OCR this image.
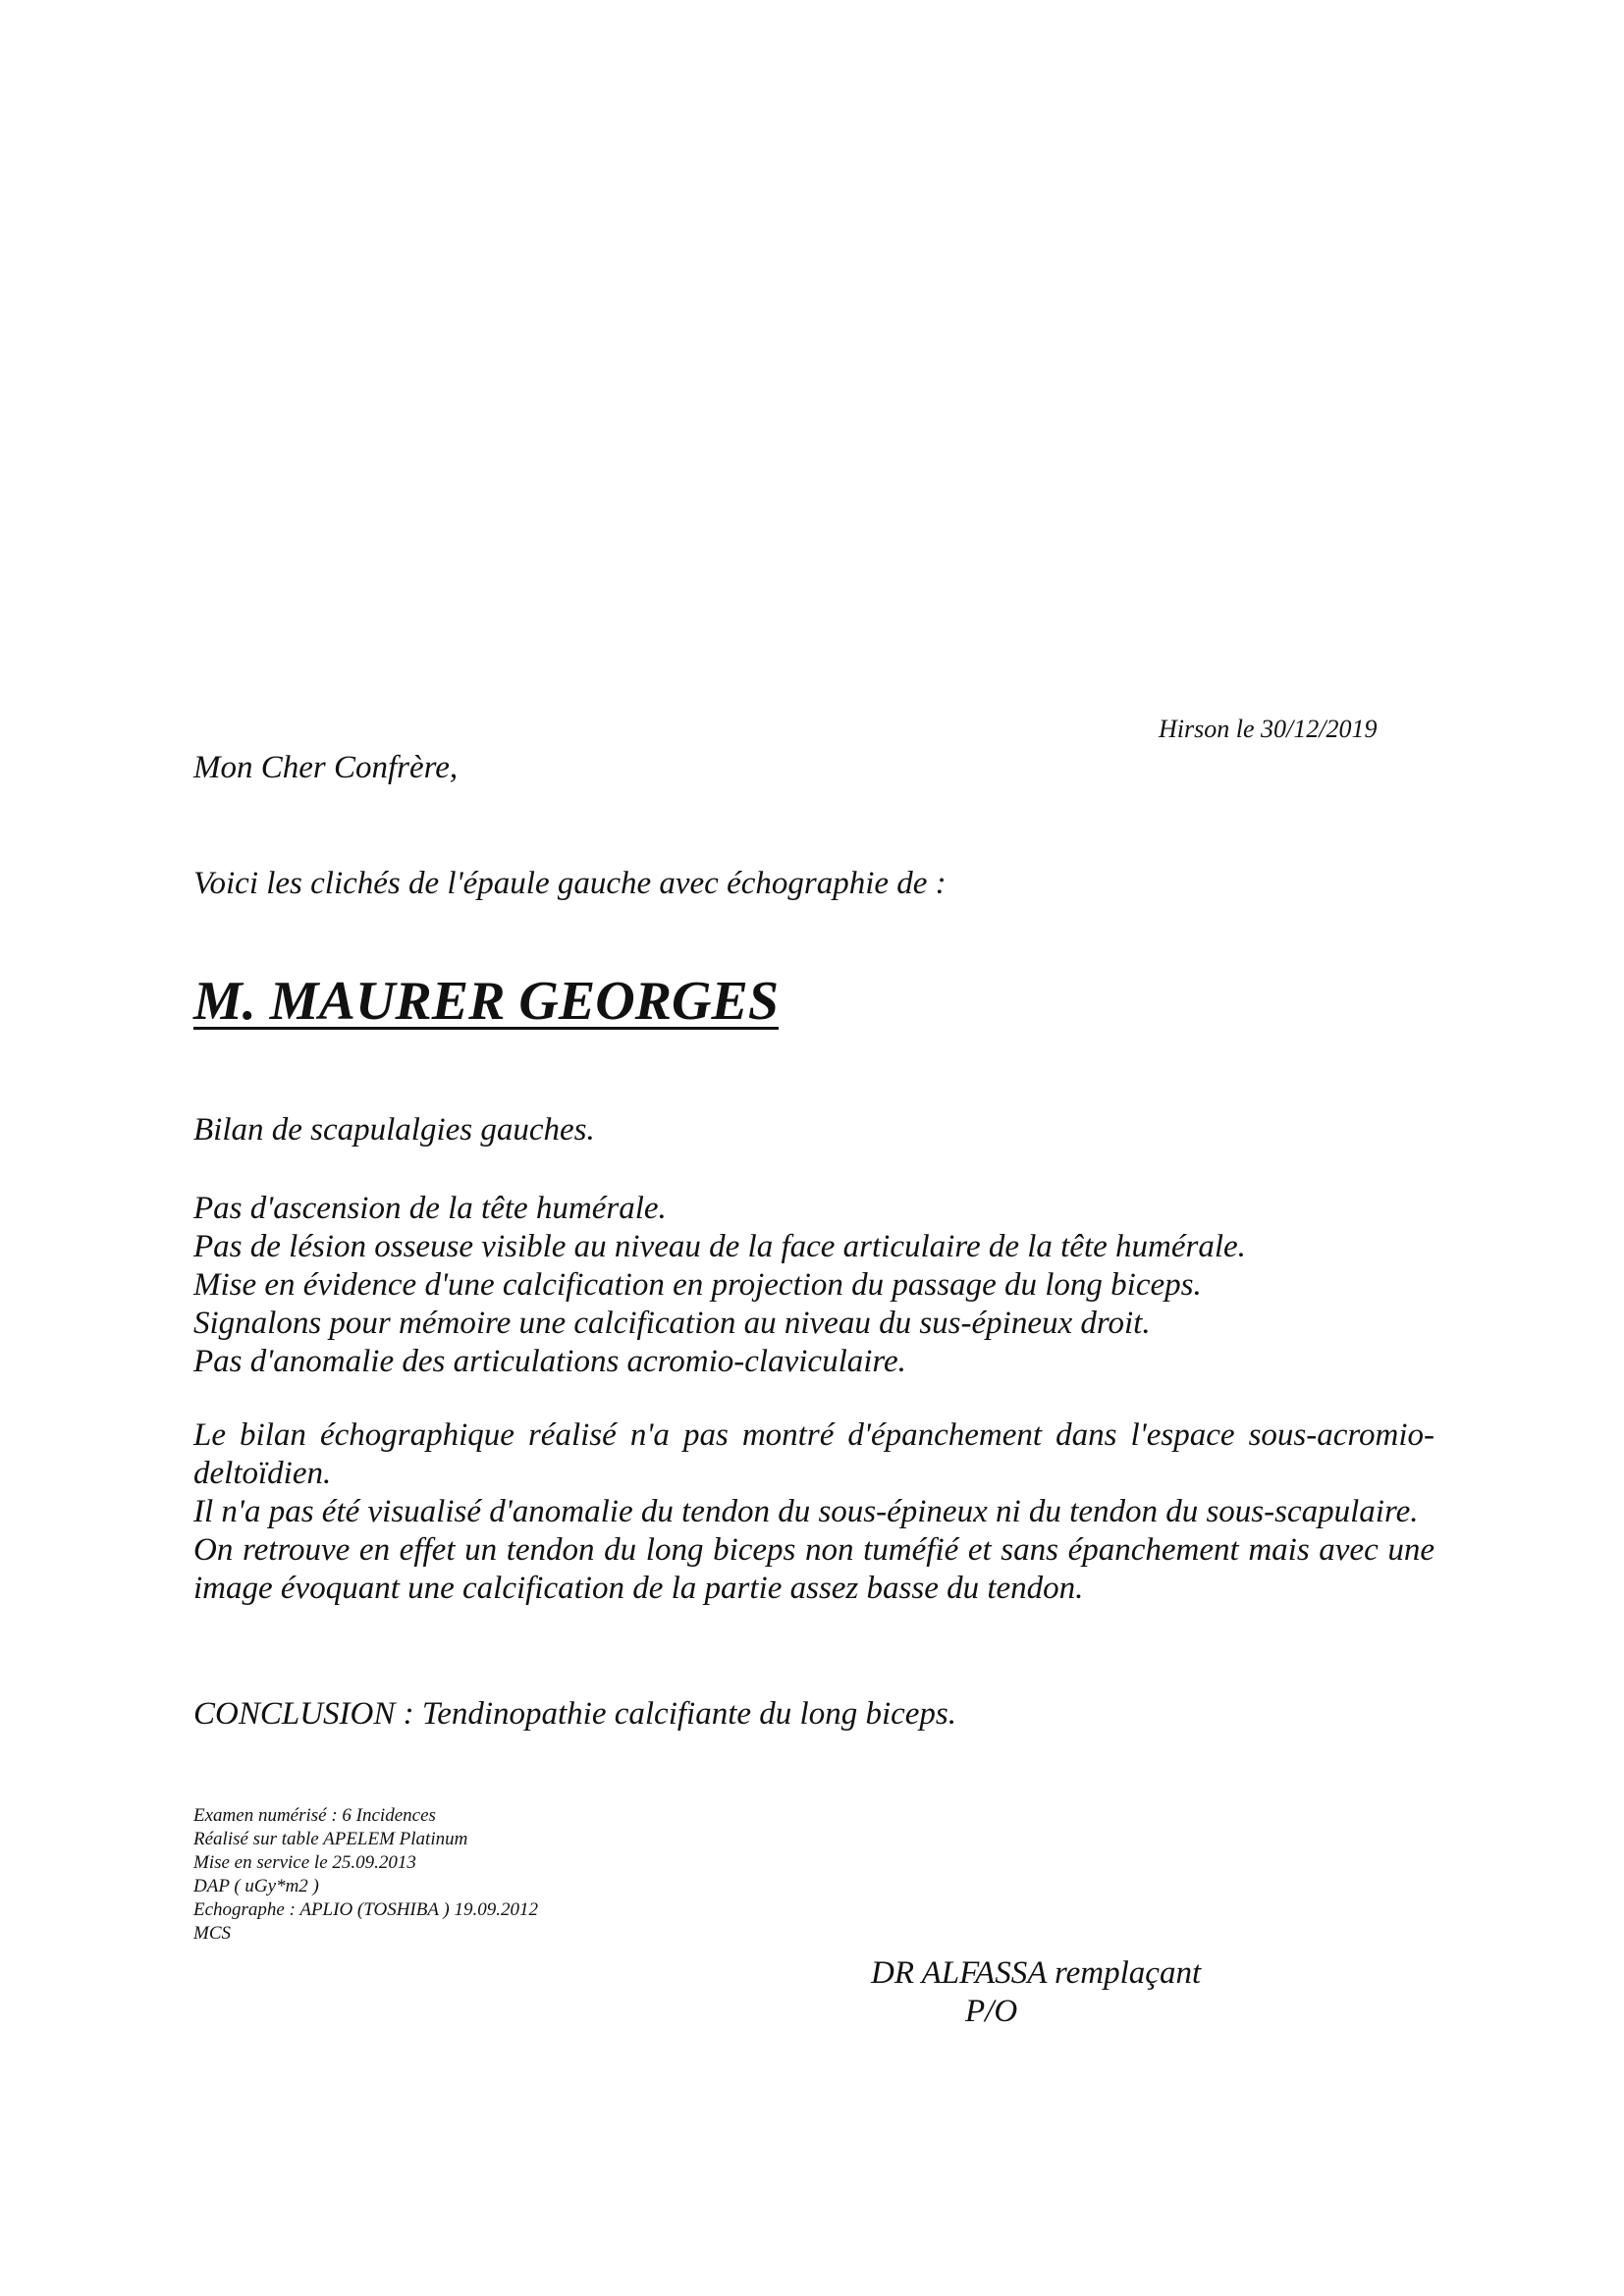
Hirson le 30/12/2019
Mon Cher Confrère,
Voici les clichés de l'épaule gauche avec échographie de :
M. MAURER GEORGES
Bilan de scapulalgies gauches.
Pas d'ascension de la tête humérale.
Pas de lésion osseuse visible au niveau de la face articulaire de la tête humérale.
Mise en évidence d'une calcification en projection du passage du long biceps.
Signalons pour mémoire une calcification au niveau du sus-épineux droit.
Pas d'anomalie des articulations acromio-claviculaire.

Le bilan échographique réalisé n'a pas montré d'épanchement dans l'espace sous-acromio-deltoïdien.

Il n'a pas été visualisé d'anomalie du tendon du sous-épineux ni du tendon du sous-scapulaire.

On retrouve en effet un tendon du long biceps non tuméfié et sans épanchement mais avec une image évoquant une calcification de la partie assez basse du tendon.

CONCLUSION : Tendinopathie calcifiante du long biceps.
Examen numérisé : 6 Incidences
Réalisé sur table APELEM Platinum
Mise en service le 25.09.2013
DAP ( uGy*m2 )
Echographe : APLIO (TOSHIBA ) 19.09.2012
MCS
DR ALFASSA remplaçant
P/O
